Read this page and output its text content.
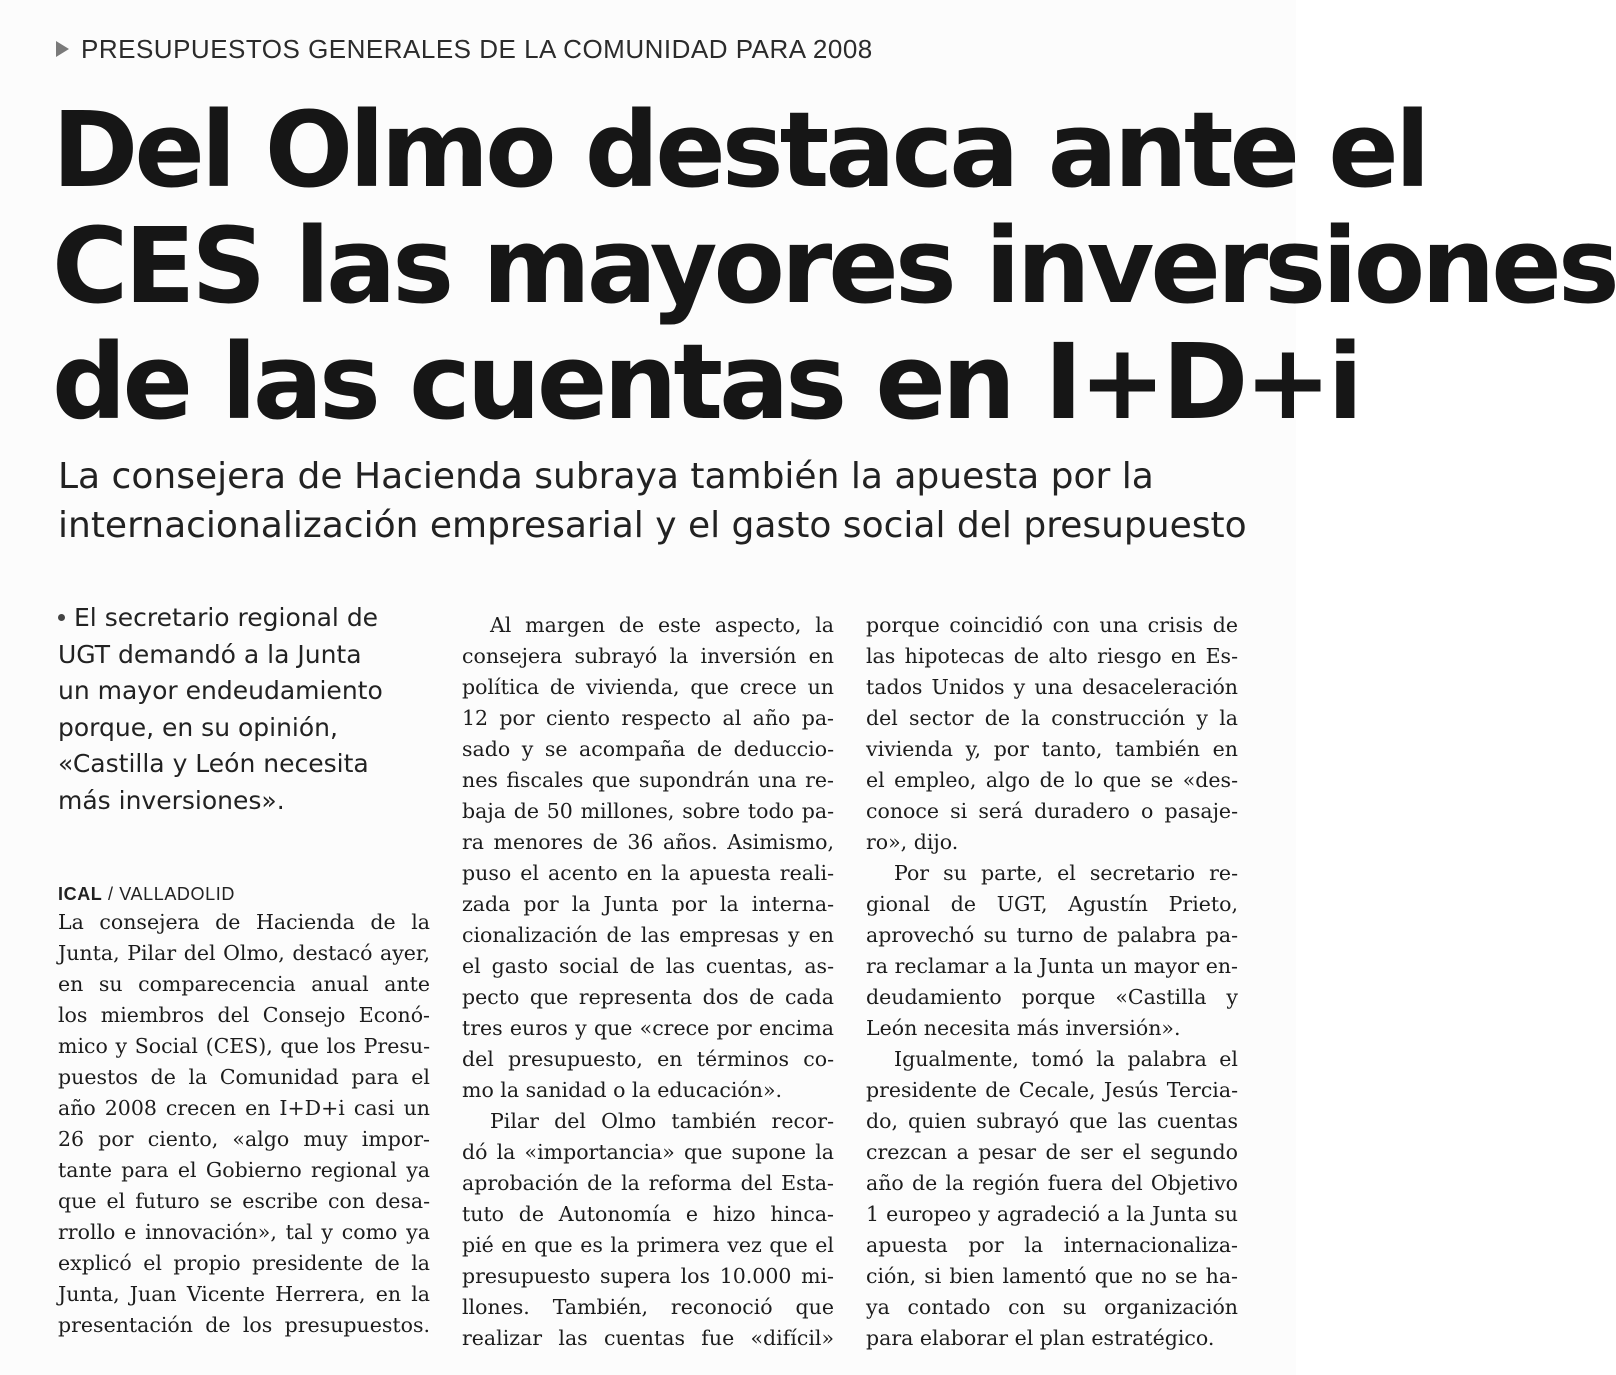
PRESUPUESTOS GENERALES DE LA COMUNIDAD PARA 2008
Del Olmo destaca ante el
CES las mayores inversiones
de las cuentas en I+D+i
La consejera de Hacienda subraya también la apuesta por la
internacionalización empresarial y el gasto social del presupuesto
El secretario regional de
UGT demandó a la Junta
un mayor endeudamiento
porque, en su opinión,
«Castilla y León necesita
más inversiones».
ICAL / VALLADOLID
La consejera de Hacienda de la
Junta, Pilar del Olmo, destacó ayer,
en su comparecencia anual ante
los miembros del Consejo Econó-
mico y Social (CES), que los Presu-
puestos de la Comunidad para el
año 2008 crecen en I+D+i casi un
26 por ciento, «algo muy impor-
tante para el Gobierno regional ya
que el futuro se escribe con desa-
rrollo e innovación», tal y como ya
explicó el propio presidente de la
Junta, Juan Vicente Herrera, en la
presentación de los presupuestos.
Al margen de este aspecto, la
consejera subrayó la inversión en
política de vivienda, que crece un
12 por ciento respecto al año pa-
sado y se acompaña de deduccio-
nes fiscales que supondrán una re-
baja de 50 millones, sobre todo pa-
ra menores de 36 años. Asimismo,
puso el acento en la apuesta reali-
zada por la Junta por la interna-
cionalización de las empresas y en
el gasto social de las cuentas, as-
pecto que representa dos de cada
tres euros y que «crece por encima
del presupuesto, en términos co-
mo la sanidad o la educación».
Pilar del Olmo también recor-
dó la «importancia» que supone la
aprobación de la reforma del Esta-
tuto de Autonomía e hizo hinca-
pié en que es la primera vez que el
presupuesto supera los 10.000 mi-
llones. También, reconoció que
realizar las cuentas fue «difícil»
porque coincidió con una crisis de
las hipotecas de alto riesgo en Es-
tados Unidos y una desaceleración
del sector de la construcción y la
vivienda y, por tanto, también en
el empleo, algo de lo que se «des-
conoce si será duradero o pasaje-
ro», dijo.
Por su parte, el secretario re-
gional de UGT, Agustín Prieto,
aprovechó su turno de palabra pa-
ra reclamar a la Junta un mayor en-
deudamiento porque «Castilla y
León necesita más inversión».
Igualmente, tomó la palabra el
presidente de Cecale, Jesús Tercia-
do, quien subrayó que las cuentas
crezcan a pesar de ser el segundo
año de la región fuera del Objetivo
1 europeo y agradeció a la Junta su
apuesta por la internacionaliza-
ción, si bien lamentó que no se ha-
ya contado con su organización
para elaborar el plan estratégico.
